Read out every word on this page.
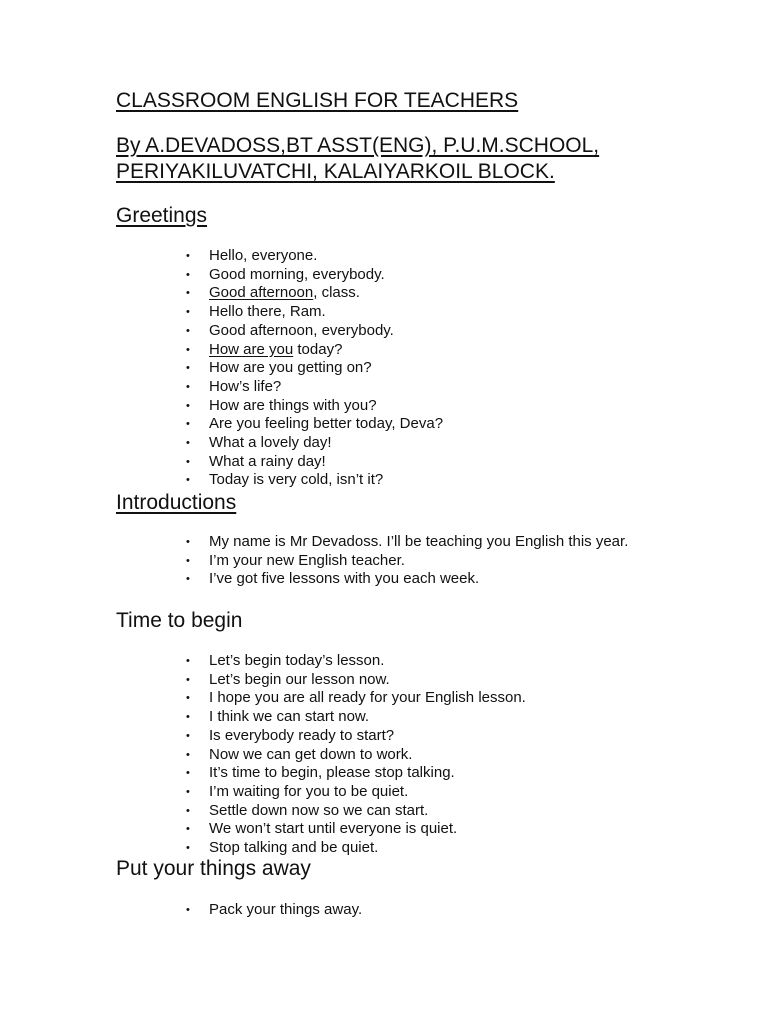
CLASSROOM ENGLISH FOR TEACHERS
By A.DEVADOSS,BT ASST(ENG), P.U.M.SCHOOL,
PERIYAKILUVATCHI, KALAIYARKOIL BLOCK.
Greetings
• Hello, everyone.
• Good morning, everybody.
• Good afternoon, class.
• Hello there, Ram.
• Good afternoon, everybody.
• How are you today?
• How are you getting on?
• How’s life?
• How are things with you?
• Are you feeling better today, Deva?
• What a lovely day!
• What a rainy day!
• Today is very cold, isn’t it?
Introductions
• My name is Mr Devadoss. I’ll be teaching you English this year.
• I’m your new English teacher.
• I’ve got five lessons with you each week.
Time to begin
• Let’s begin today’s lesson.
• Let’s begin our lesson now.
• I hope you are all ready for your English lesson.
• I think we can start now.
• Is everybody ready to start?
• Now we can get down to work.
• It’s time to begin, please stop talking.
• I’m waiting for you to be quiet.
• Settle down now so we can start.
• We won’t start until everyone is quiet.
• Stop talking and be quiet.
Put your things away
• Pack your things away.
